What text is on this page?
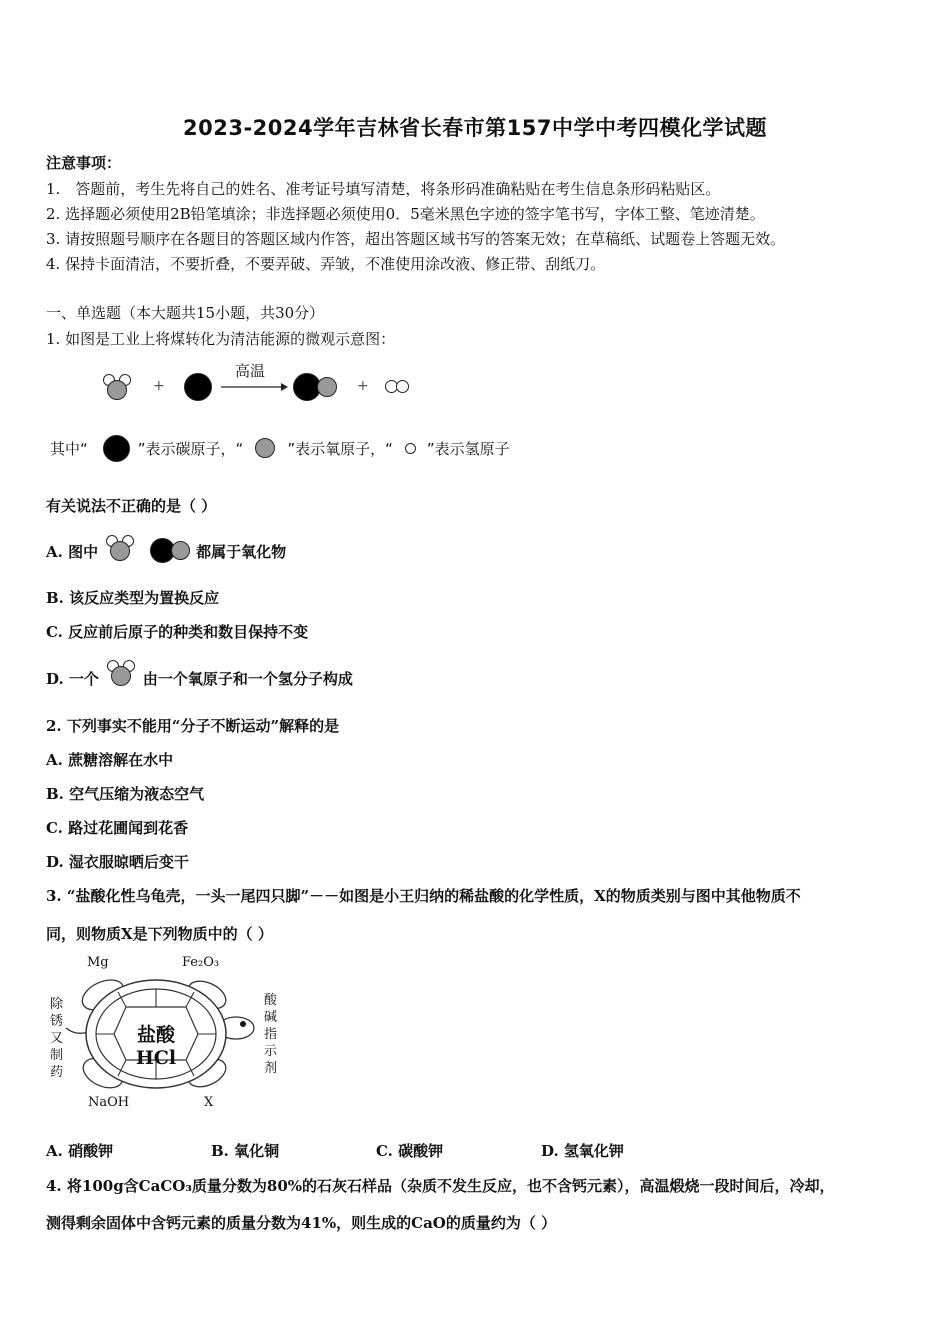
2023-2024学年吉林省长春市第157中学中考四模化学试题
注意事项：
1.　答题前，考生先将自己的姓名、准考证号填写清楚，将条形码准确粘贴在考生信息条形码粘贴区。
2. 选择题必须使用2B铅笔填涂；非选择题必须使用0．5毫米黑色字迹的签字笔书写，字体工整、笔迹清楚。
3. 请按照题号顺序在各题目的答题区域内作答，超出答题区域书写的答案无效；在草稿纸、试题卷上答题无效。
4. 保持卡面清洁，不要折叠，不要弄破、弄皱，不准使用涂改液、修正带、刮纸刀。
一、单选题（本大题共15小题，共30分）
1. 如图是工业上将煤转化为清洁能源的微观示意图：
+
高温
+
其中“	”表示碳原子，“	”表示氧原子，“ ”表示氢原子
有关说法不正确的是（ ）
A. 图中	都属于氧化物
B. 该反应类型为置换反应
C. 反应前后原子的种类和数目保持不变
D. 一个	由一个氧原子和一个氢分子构成
2. 下列事实不能用“分子不断运动”解释的是
A. 蔗糖溶解在水中
B. 空气压缩为液态空气
C. 路过花圃闻到花香
D. 湿衣服晾晒后变干
3. “盐酸化性乌龟壳，一头一尾四只脚”－－如图是小王归纳的稀盐酸的化学性质，X的物质类别与图中其他物质不
同，则物质X是下列物质中的（ ）
盐酸 HCl
Mg	Fe₂O₃
除锈又制药
酸碱指示剂
NaOH	X
A. 硝酸钾	B. 氧化铜	C. 碳酸钾	D. 氢氧化钾
4. 将100g含CaCO₃质量分数为80%的石灰石样品（杂质不发生反应，也不含钙元素），高温煅烧一段时间后，冷却，
测得剩余固体中含钙元素的质量分数为41%，则生成的CaO的质量约为（ ）
